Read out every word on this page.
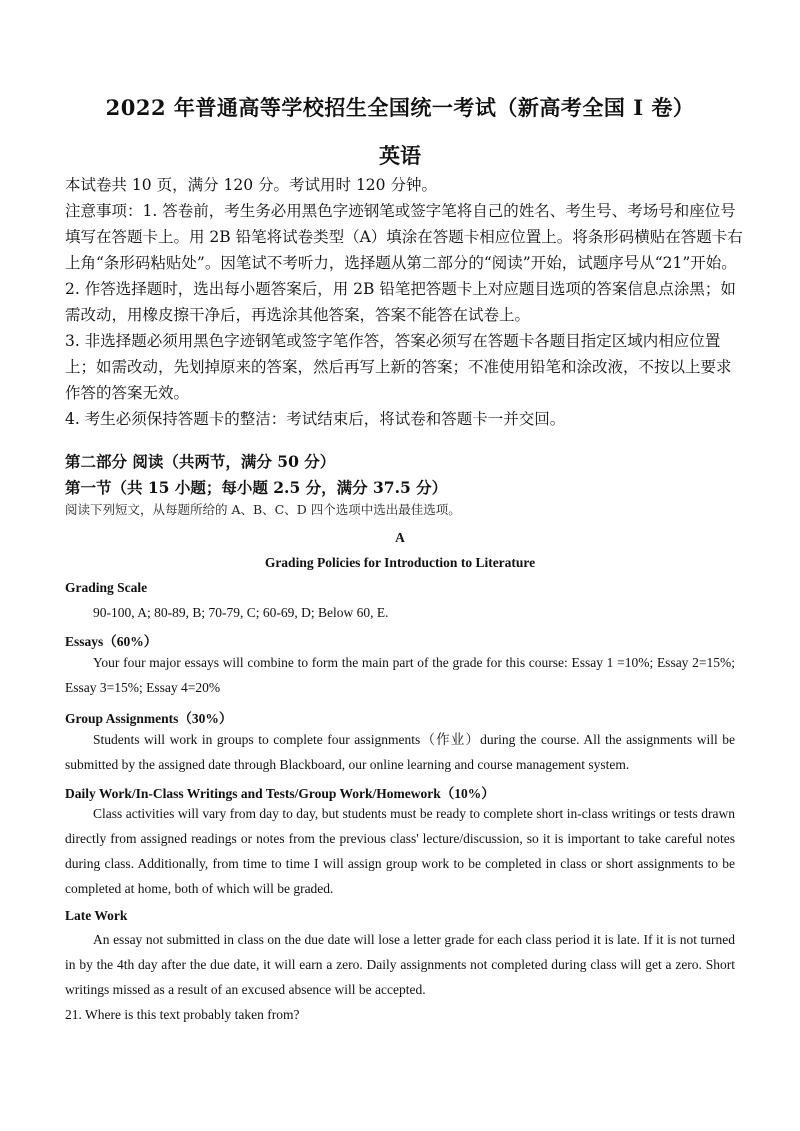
2022 年普通高等学校招生全国统一考试（新高考全国 I 卷）
英语

本试卷共 10 页，满分 120 分。考试用时 120 分钟。

注意事项：1. 答卷前，考生务必用黑色字迹钢笔或签字笔将自己的姓名、考生号、考场号和座位号填写在答题卡上。用 2B 铅笔将试卷类型（A）填涂在答题卡相应位置上。将条形码横贴在答题卡右上角“条形码粘贴处”。因笔试不考听力，选择题从第二部分的“阅读”开始，试题序号从“21”开始。

2. 作答选择题时，选出每小题答案后，用 2B 铅笔把答题卡上对应题目选项的答案信息点涂黑；如需改动，用橡皮擦干净后，再选涂其他答案，答案不能答在试卷上。

3. 非选择题必须用黑色字迹钢笔或签字笔作答，答案必须写在答题卡各题目指定区域内相应位置上；如需改动，先划掉原来的答案，然后再写上新的答案；不准使用铅笔和涂改液，不按以上要求作答的答案无效。

4. 考生必须保持答题卡的整洁：考试结束后，将试卷和答题卡一并交回。

第二部分 阅读（共两节，满分 50 分）
第一节（共 15 小题；每小题 2.5 分，满分 37.5 分）
阅读下列短文，从每题所给的 A、B、C、D 四个选项中选出最佳选项。
A
Grading Policies for Introduction to Literature
Grading Scale
90-100, A; 80-89, B; 70-79, C; 60-69, D; Below 60, E.
Essays（60%）
Your four major essays will combine to form the main part of the grade for this course: Essay 1 =10%; Essay 2=15%; Essay 3=15%; Essay 4=20%
Group Assignments（30%）
Students will work in groups to complete four assignments（作业）during the course. All the assignments will be submitted by the assigned date through Blackboard, our online learning and course management system.
Daily Work/In-Class Writings and Tests/Group Work/Homework（10%）
Class activities will vary from day to day, but students must be ready to complete short in-class writings or tests drawn directly from assigned readings or notes from the previous class' lecture/discussion, so it is important to take careful notes during class. Additionally, from time to time I will assign group work to be completed in class or short assignments to be completed at home, both of which will be graded.
Late Work
An essay not submitted in class on the due date will lose a letter grade for each class period it is late. If it is not turned in by the 4th day after the due date, it will earn a zero. Daily assignments not completed during class will get a zero. Short writings missed as a result of an excused absence will be accepted.
21. Where is this text probably taken from?
